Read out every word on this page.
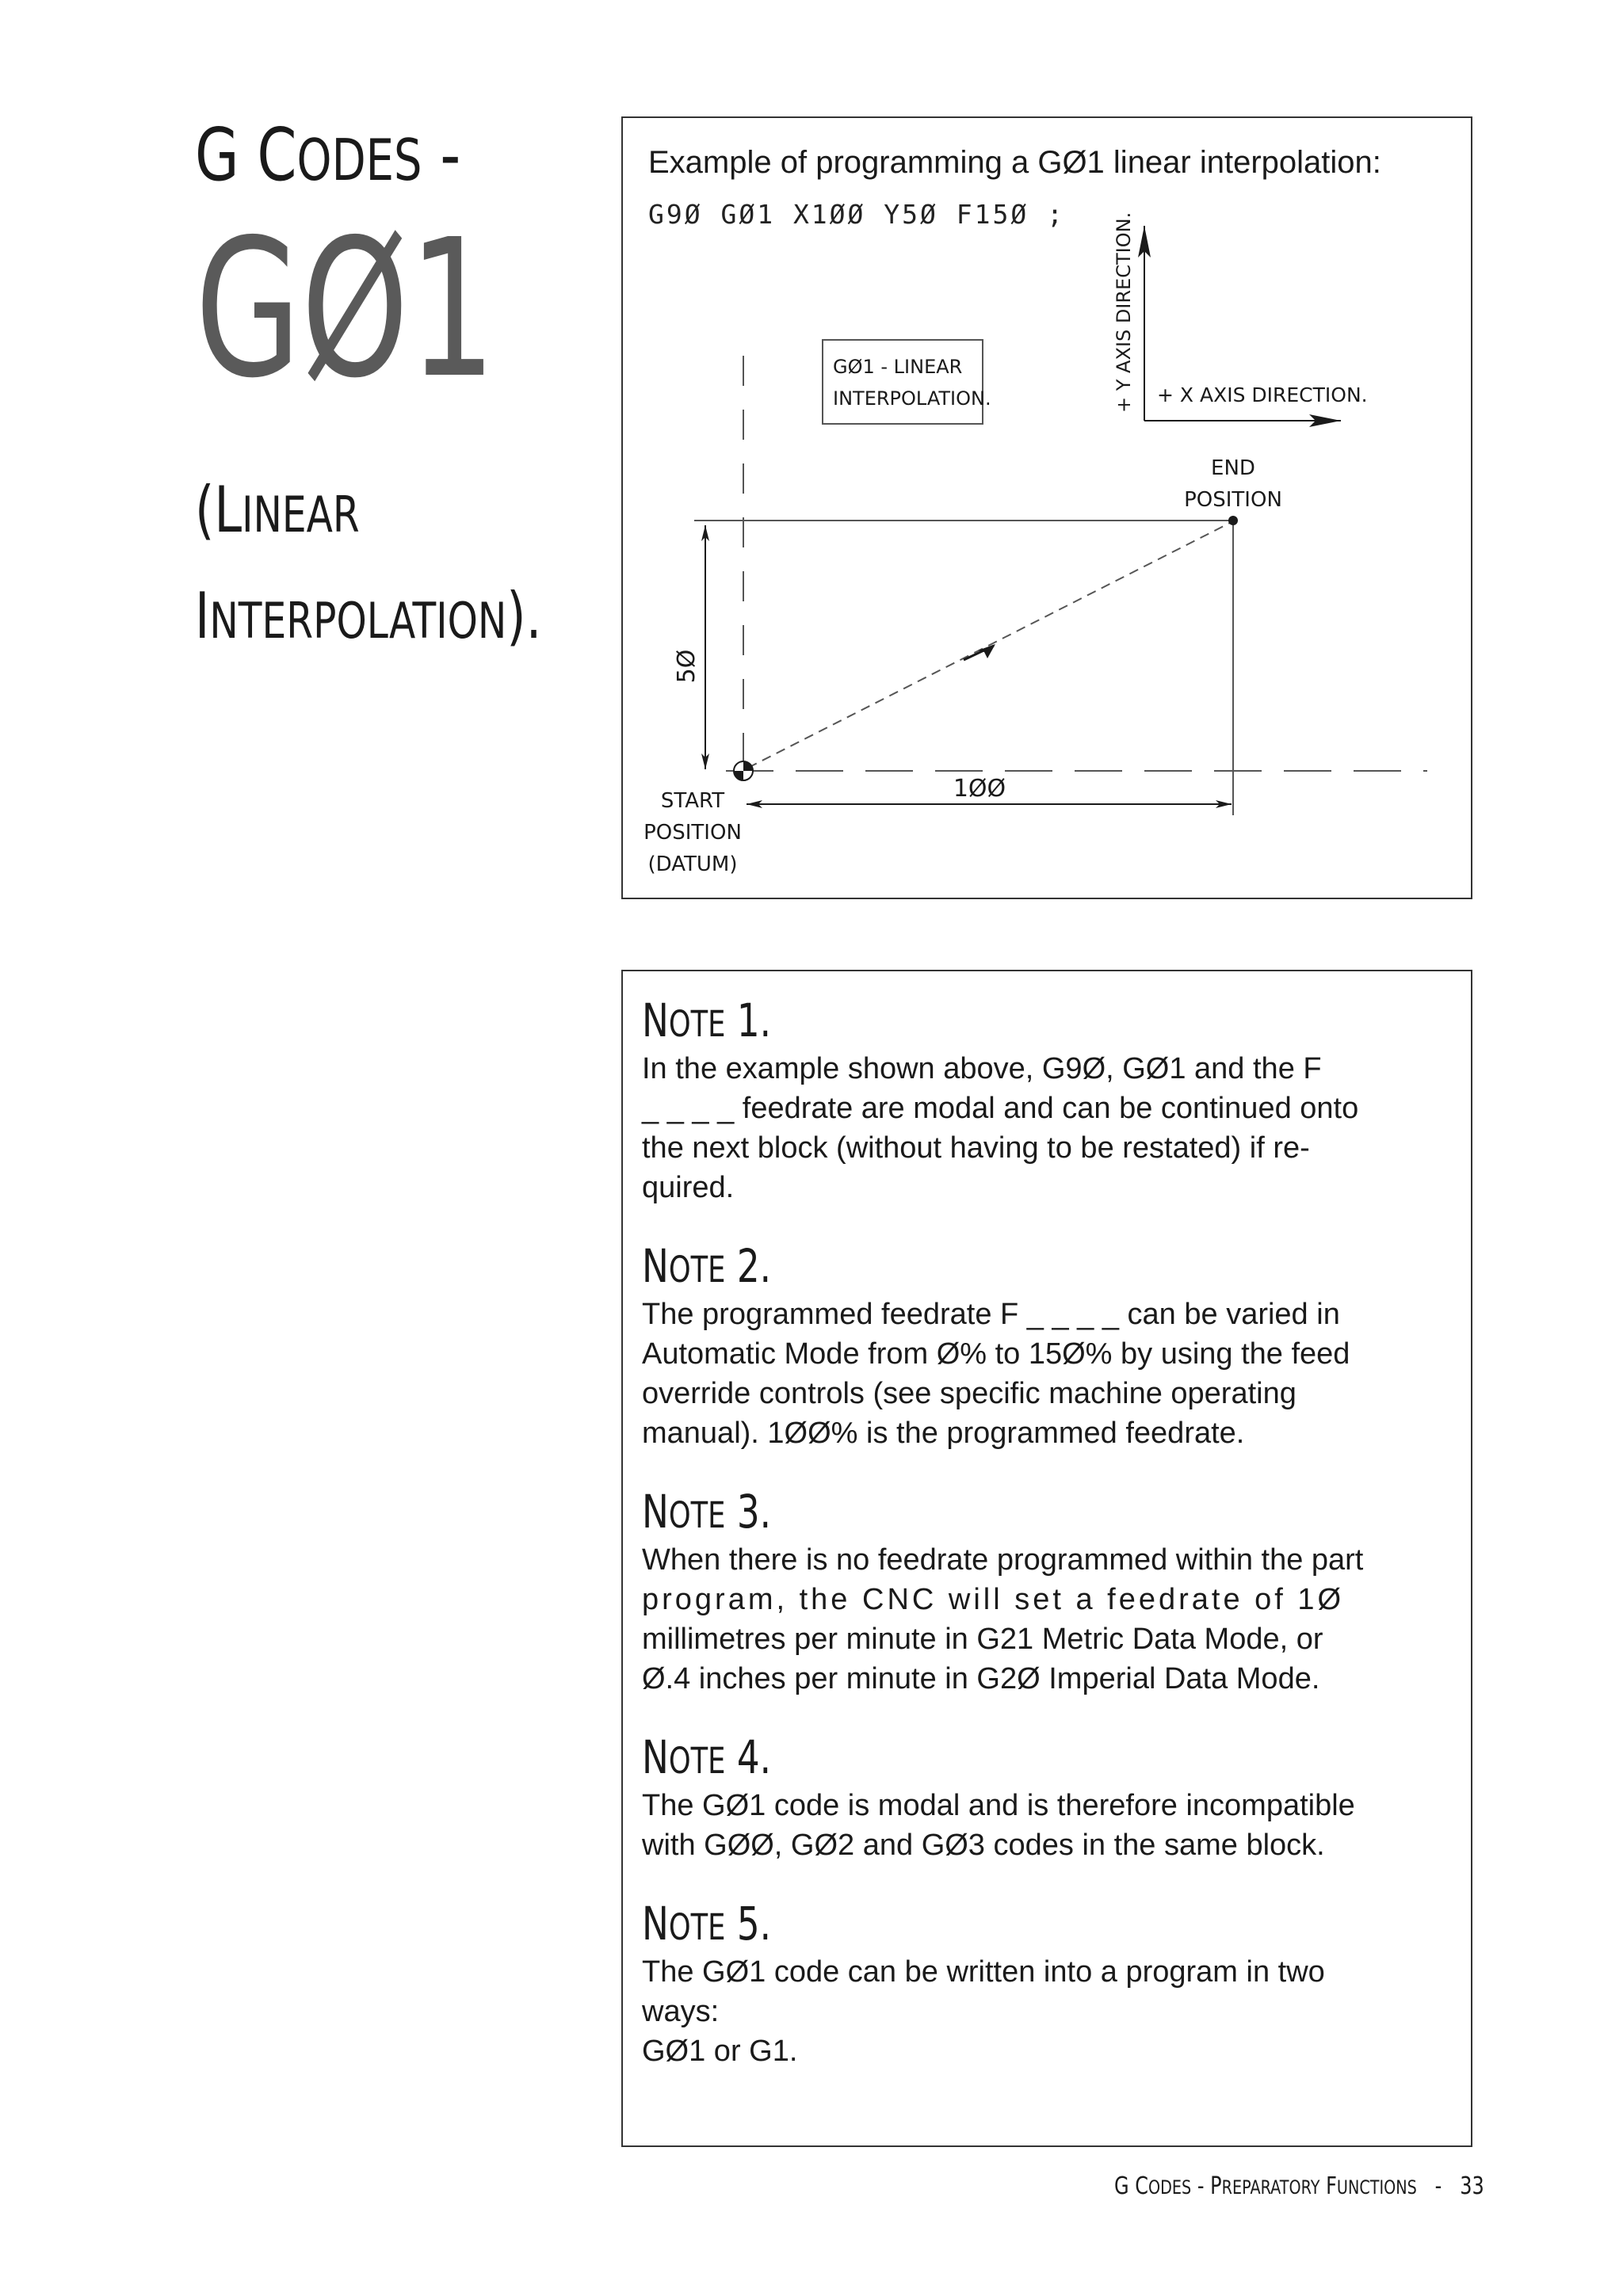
G CODES -
GØ1
(LINEAR
INTERPOLATION).
Example of programming a GØ1 linear interpolation:
G9Ø GØ1 X1ØØ Y5Ø F15Ø ;
5Ø
1ØØ
GØ1 - LINEAR
INTERPOLATION.	+ Y AXIS DIRECTION. + X AXIS DIRECTION.
END
POSITION
START
POSITION
(DATUM)
NOTE 1.

In the example shown above, G9Ø, GØ1 and the F
_ _ _ _ feedrate are modal and can be continued onto
the next block (without having to be restated) if re-
quired.

NOTE 2.

The programmed feedrate F _ _ _ _ can be varied in
Automatic Mode from Ø% to 15Ø% by using the feed
override controls (see specific machine operating
manual). 1ØØ% is the programmed feedrate.

NOTE 3.

When there is no feedrate programmed within the part
program, the CNC will set a feedrate of 1Ø
millimetres per minute in G21 Metric Data Mode, or
Ø.4 inches per minute in G2Ø Imperial Data Mode.

NOTE 4.

The GØ1 code is modal and is therefore incompatible
with GØØ, GØ2 and GØ3 codes in the same block.

NOTE 5.

The GØ1 code can be written into a program in two
ways:
GØ1 or G1.

G CODES - PREPARATORY FUNCTIONS   -   33
